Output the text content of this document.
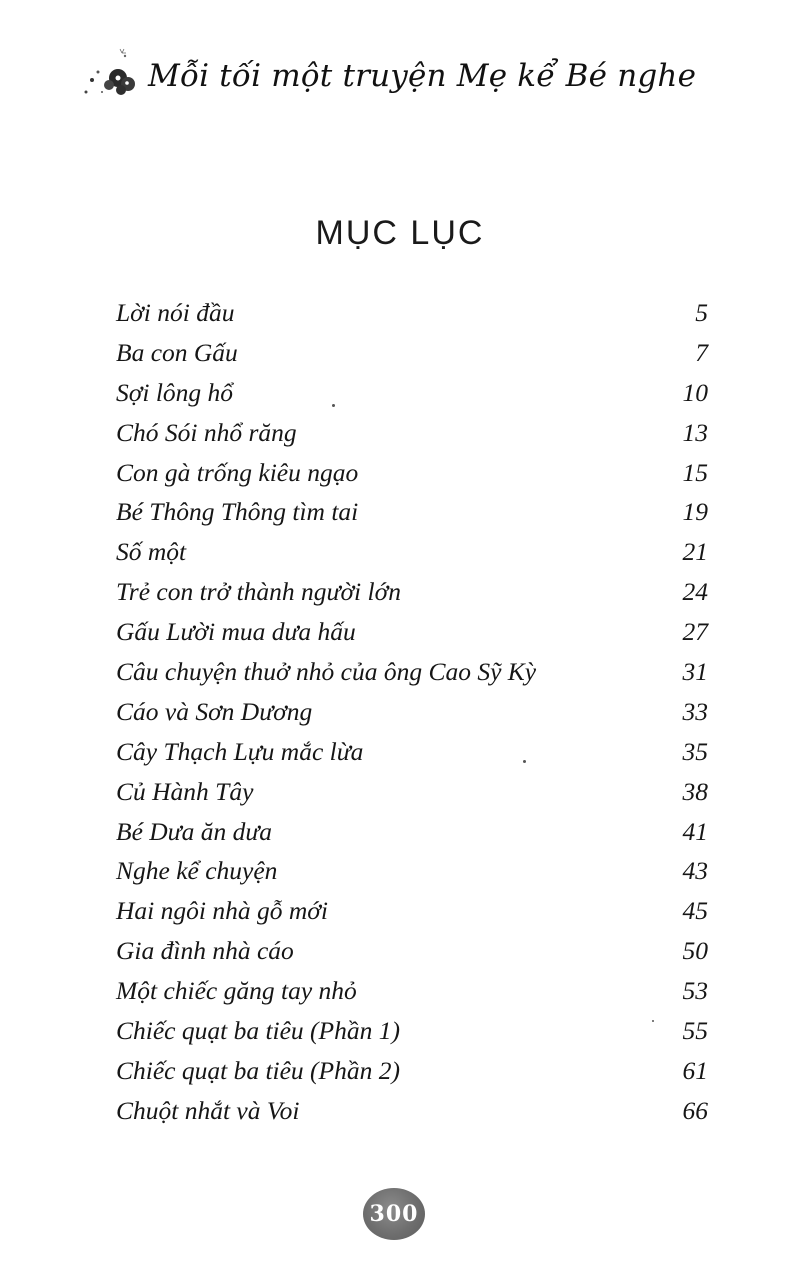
Mỗi tối một truyện Mẹ kể Bé nghe
MỤC LỤC
Lời nói đầu	5
Ba con Gấu	7
Sợi lông hổ	10
Chó Sói nhổ răng	13
Con gà trống kiêu ngạo	15
Bé Thông Thông tìm tai	19
Số một	21
Trẻ con trở thành người lớn	24
Gấu Lười mua dưa hấu	27
Câu chuyện thuở nhỏ của ông Cao Sỹ Kỳ	31
Cáo và Sơn Dương	33
Cây Thạch Lựu mắc lừa	35
Củ Hành Tây	38
Bé Dưa ăn dưa	41
Nghe kể chuyện	43
Hai ngôi nhà gỗ mới	45
Gia đình nhà cáo	50
Một chiếc găng tay nhỏ	53
Chiếc quạt ba tiêu (Phần 1)	55
Chiếc quạt ba tiêu (Phần 2)	61
Chuột nhắt và Voi	66
300
